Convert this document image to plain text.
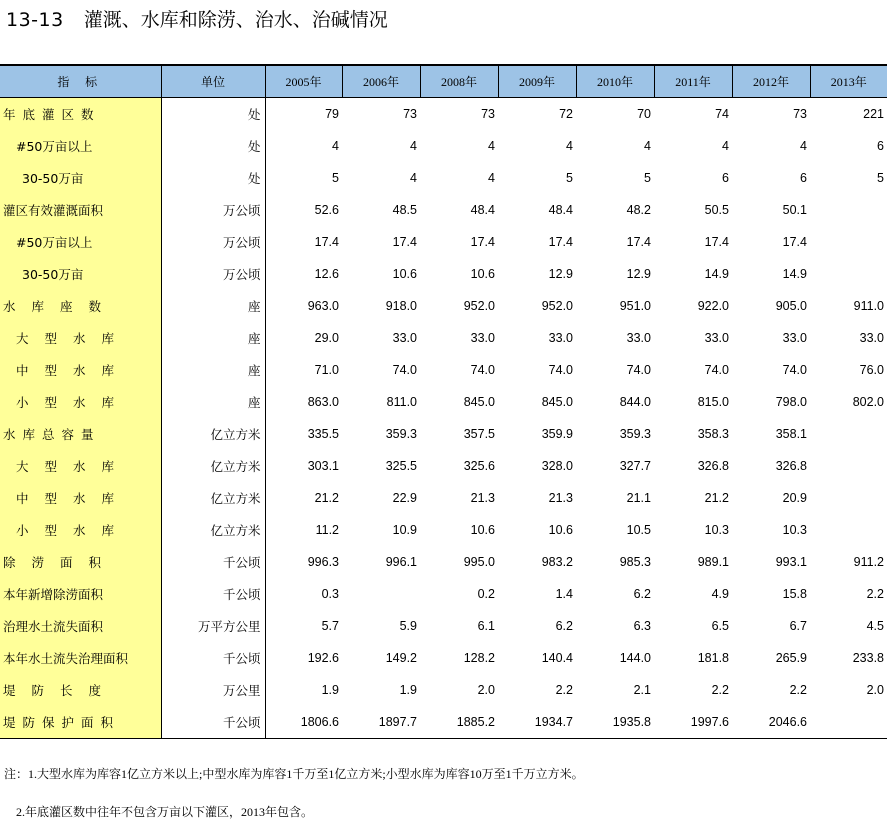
13-13 灌溉、水库和除涝、治水、治碱情况
指 标	单位	2005年	2006年	2008年	2009年	2010年	2011年	2012年	2013年
年底灌区数	处	79	73	73	72	70	74	73	221
#50万亩以上	处	4	4	4	4	4	4	4	6
30-50万亩	处	5	4	4	5	5	6	6	5
灌区有效灌溉面积	万公顷	52.6	48.5	48.4	48.4	48.2	50.5	50.1	
#50万亩以上	万公顷	17.4	17.4	17.4	17.4	17.4	17.4	17.4	
30-50万亩	万公顷	12.6	10.6	10.6	12.9	12.9	14.9	14.9	
水库座数	座	963.0	918.0	952.0	952.0	951.0	922.0	905.0	911.0
大型水库	座	29.0	33.0	33.0	33.0	33.0	33.0	33.0	33.0
中型水库	座	71.0	74.0	74.0	74.0	74.0	74.0	74.0	76.0
小型水库	座	863.0	811.0	845.0	845.0	844.0	815.0	798.0	802.0
水库总容量	亿立方米	335.5	359.3	357.5	359.9	359.3	358.3	358.1	
大型水库	亿立方米	303.1	325.5	325.6	328.0	327.7	326.8	326.8	
中型水库	亿立方米	21.2	22.9	21.3	21.3	21.1	21.2	20.9	
小型水库	亿立方米	11.2	10.9	10.6	10.6	10.5	10.3	10.3	
除涝面积	千公顷	996.3	996.1	995.0	983.2	985.3	989.1	993.1	911.2
本年新增除涝面积	千公顷	0.3		0.2	1.4	6.2	4.9	15.8	2.2
治理水土流失面积	万平方公里	5.7	5.9	6.1	6.2	6.3	6.5	6.7	4.5
本年水土流失治理面积	千公顷	192.6	149.2	128.2	140.4	144.0	181.8	265.9	233.8
堤防长度	万公里	1.9	1.9	2.0	2.2	2.1	2.2	2.2	2.0
堤防保护面积	千公顷	1806.6	1897.7	1885.2	1934.7	1935.8	1997.6	2046.6	
注：1.大型水库为库容1亿立方米以上;中型水库为库容1千万至1亿立方米;小型水库为库容10万至1千万立方米。
2.年底灌区数中往年不包含万亩以下灌区，2013年包含。
